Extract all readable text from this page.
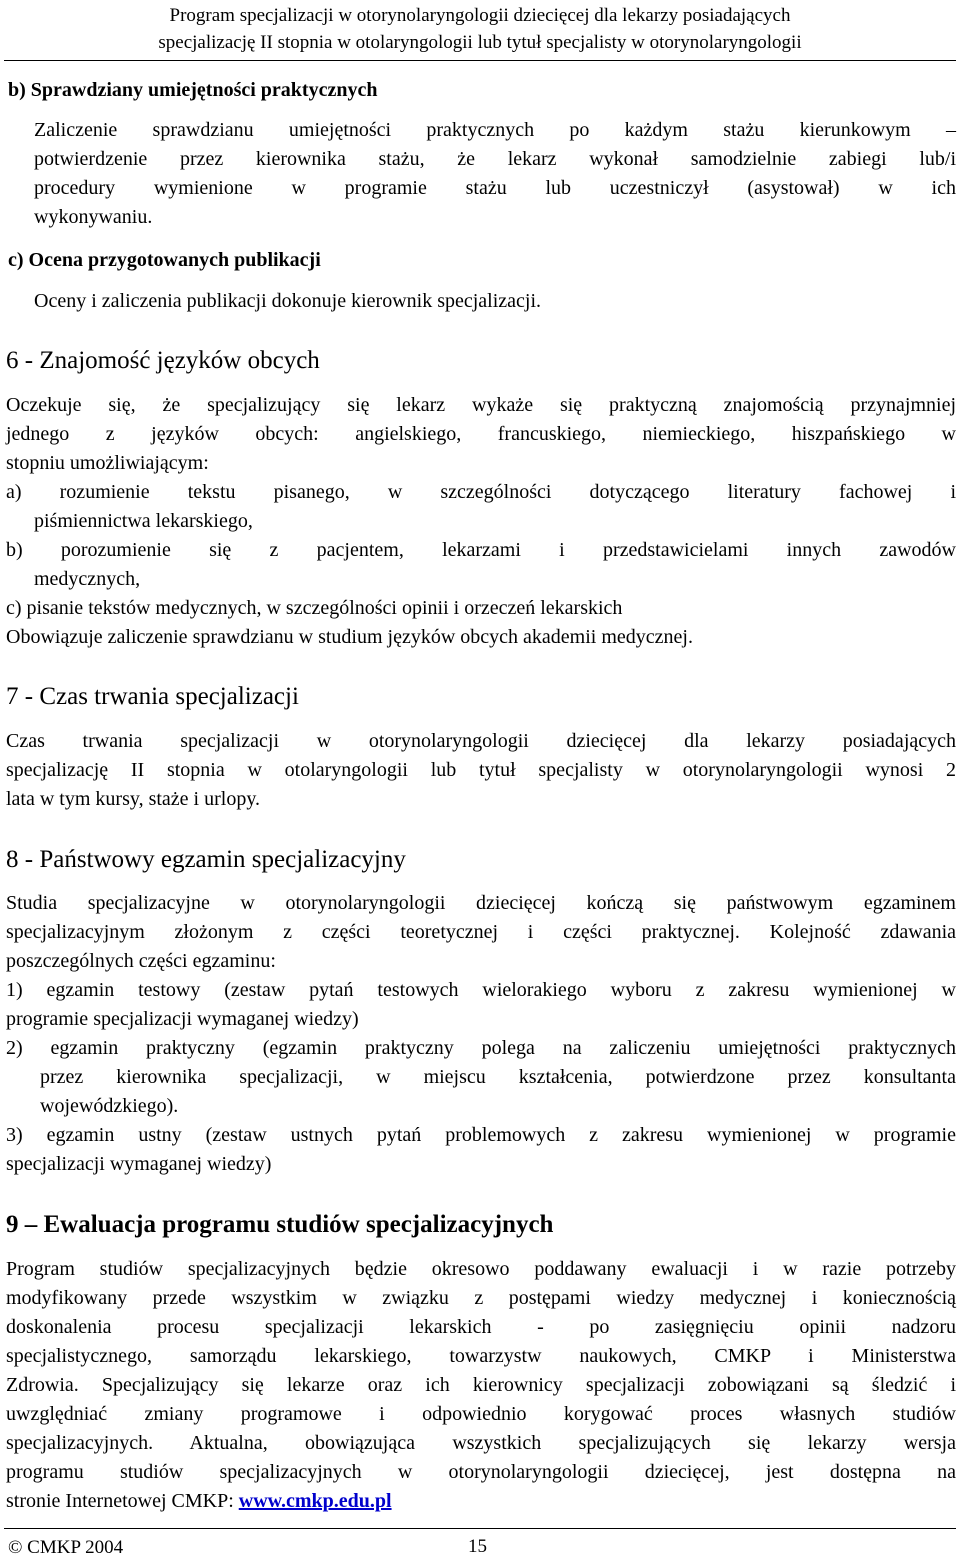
Program specjalizacji w otorynolaryngologii dziecięcej dla lekarzy posiadających
specjalizację II stopnia w otolaryngologii lub tytuł specjalisty w otorynolaryngologii
b) Sprawdziany umiejętności praktycznych
Zaliczenie sprawdzianu umiejętności praktycznych po każdym stażu kierunkowym –
potwierdzenie przez kierownika stażu, że lekarz wykonał samodzielnie zabiegi lub/i
procedury wymienione w programie stażu lub uczestniczył (asystował) w ich
wykonywaniu.
c) Ocena przygotowanych publikacji
Oceny i zaliczenia publikacji dokonuje kierownik specjalizacji.
6 - Znajomość języków obcych
Oczekuje się, że specjalizujący się lekarz wykaże się praktyczną znajomością przynajmniej
jednego z języków obcych: angielskiego, francuskiego, niemieckiego, hiszpańskiego w
stopniu umożliwiającym:
a) rozumienie tekstu pisanego, w szczególności dotyczącego literatury fachowej i
piśmiennictwa lekarskiego,
b) porozumienie się z pacjentem, lekarzami i przedstawicielami innych zawodów
medycznych,
c) pisanie tekstów medycznych, w szczególności opinii i orzeczeń lekarskich
Obowiązuje zaliczenie sprawdzianu w studium języków obcych akademii medycznej.
7 - Czas trwania specjalizacji
Czas trwania specjalizacji w otorynolaryngologii dziecięcej dla lekarzy posiadających
specjalizację II stopnia w otolaryngologii lub tytuł specjalisty w otorynolaryngologii wynosi 2
lata w tym kursy, staże i urlopy.
8 - Państwowy egzamin specjalizacyjny
Studia specjalizacyjne w otorynolaryngologii dziecięcej kończą się państwowym egzaminem
specjalizacyjnym złożonym z części teoretycznej i części praktycznej. Kolejność zdawania
poszczególnych części egzaminu:
1) egzamin testowy (zestaw pytań testowych wielorakiego wyboru z zakresu wymienionej w
programie specjalizacji wymaganej wiedzy)
2) egzamin praktyczny (egzamin praktyczny polega na zaliczeniu umiejętności praktycznych
przez kierownika specjalizacji, w miejscu kształcenia, potwierdzone przez konsultanta
wojewódzkiego).
3) egzamin ustny (zestaw ustnych pytań problemowych z zakresu wymienionej w programie
specjalizacji wymaganej wiedzy)
9 – Ewaluacja programu studiów specjalizacyjnych
Program studiów specjalizacyjnych będzie okresowo poddawany ewaluacji i w razie potrzeby
modyfikowany przede wszystkim w związku z postępami wiedzy medycznej i koniecznością
doskonalenia procesu specjalizacji lekarskich - po zasięgnięciu opinii nadzoru
specjalistycznego, samorządu lekarskiego, towarzystw naukowych, CMKP i Ministerstwa
Zdrowia. Specjalizujący się lekarze oraz ich kierownicy specjalizacji zobowiązani są śledzić i
uwzględniać zmiany programowe i odpowiednio korygować proces własnych studiów
specjalizacyjnych. Aktualna, obowiązująca wszystkich specjalizujących się lekarzy wersja
programu studiów specjalizacyjnych w otorynolaryngologii dziecięcej, jest dostępna na
stronie Internetowej CMKP: www.cmkp.edu.pl
© CMKP 2004	15
